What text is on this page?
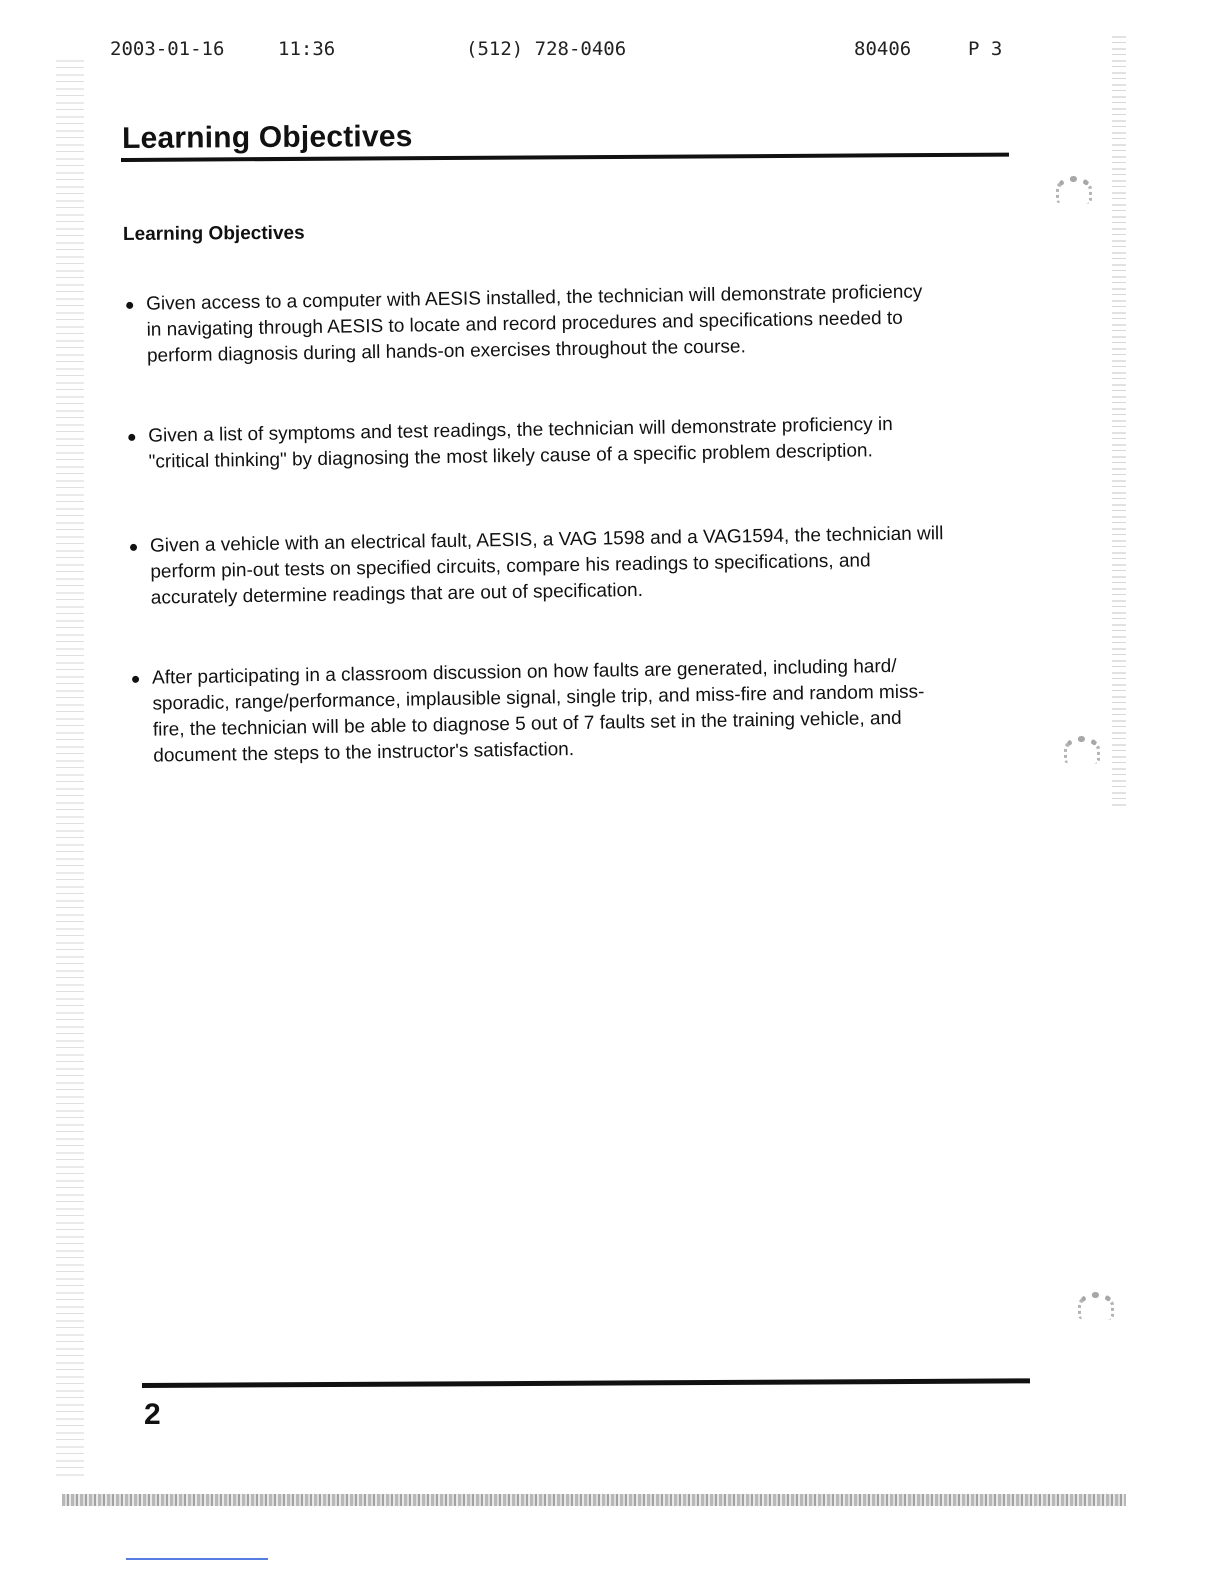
2003-01-16	11:36	(512) 728-0406	80406	P 3
Learning Objectives
Learning Objectives
Given access to a computer with AESIS installed, the technician will demonstrate proficiency
in navigating through AESIS to locate and record procedures and specifications needed to
perform diagnosis during all hands-on exercises throughout the course.
Given a list of symptoms and test readings, the technician will demonstrate proficiency in
"critical thinking" by diagnosing the most likely cause of a specific problem description.
Given a vehicle with an electrical fault, AESIS, a VAG 1598 and a VAG1594, the technician will
perform pin-out tests on specified circuits, compare his readings to specifications, and
accurately determine readings that are out of specification.
After participating in a classroom discussion on how faults are generated, including hard/
sporadic, range/performance, implausible signal, single trip, and miss-fire and random miss-
fire, the technician will be able to diagnose 5 out of 7 faults set in the training vehicle, and
document the steps to the instructor's satisfaction.
2
